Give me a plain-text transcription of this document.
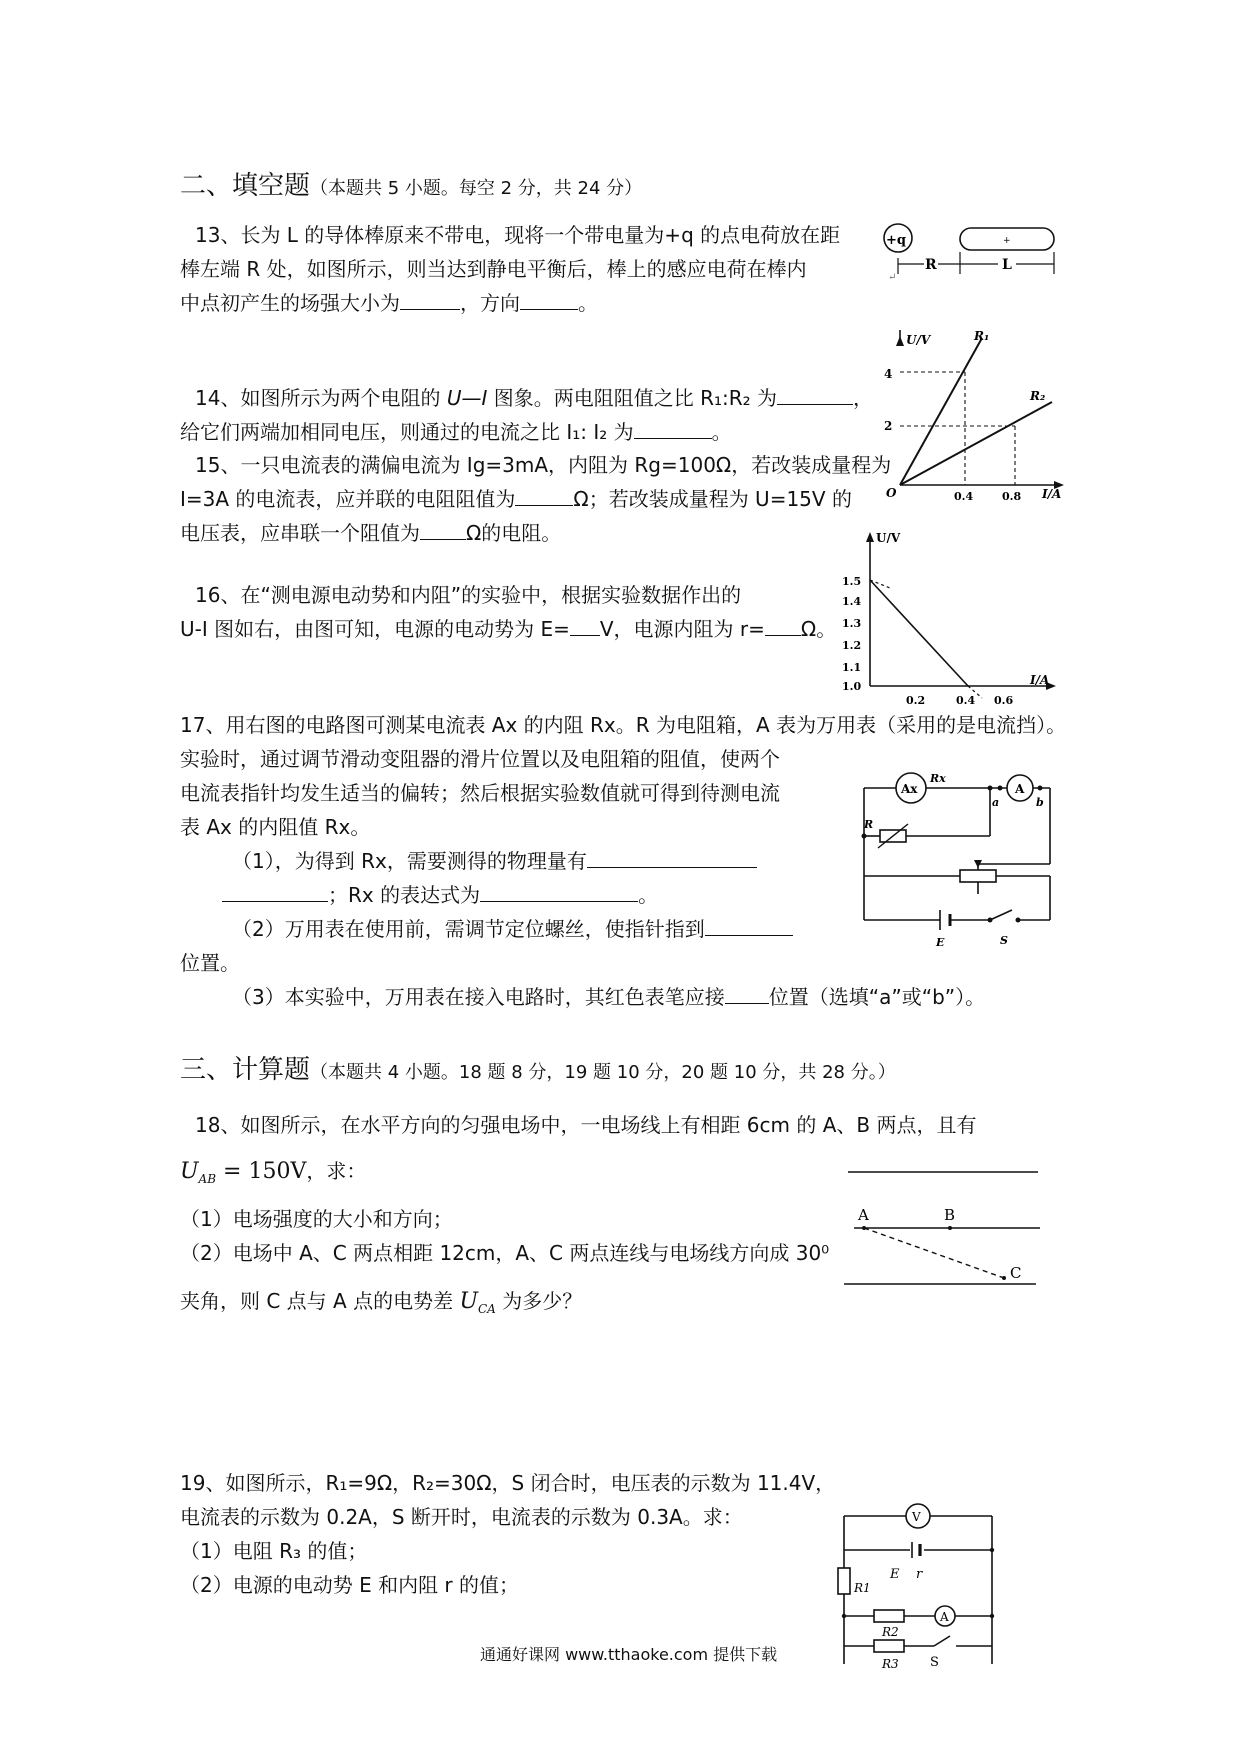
二、填空题（本题共 5 小题。每空 2 分，共 24 分）
13、长为 L 的导体棒原来不带电，现将一个带电量为+q 的点电荷放在距
棒左端 R 处，如图所示，则当达到静电平衡后，棒上的感应电荷在棒内
中点初产生的场强大小为	，方向	。
+q	+
R	L
↵
U/V
I/A
O
4
2
0.4	0.8
R₁
R₂
14、如图所示为两个电阻的 U—I 图象。两电阻阻值之比 R₁:R₂ 为	，
给它们两端加相同电压，则通过的电流之比 I₁: I₂ 为	。
15、一只电流表的满偏电流为 Ig=3mA，内阻为 Rg=100Ω，若改装成量程为
I=3A 的电流表，应并联的电阻阻值为	Ω；若改装成量程为 U=15V 的
电压表，应串联一个阻值为 Ω的电阻。	U/V
I/A
1.5
1.4
1.3
1.2
1.1
1.0
0.2	0.4 0.6
16、在“测电源电动势和内阻”的实验中，根据实验数据作出的
U-I 图如右，由图可知，电源的电动势为 E= V，电源内阻为 r= Ω。
17、用右图的电路图可测某电流表 Ax 的内阻 Rx。R 为电阻箱，A 表为万用表（采用的是电流挡）。
实验时，通过调节滑动变阻器的滑片位置以及电阻箱的阻值，使两个
电流表指针均发生适当的偏转；然后根据实验数值就可得到待测电流
表 Ax 的内阻值 Rx。
（1），为得到 Rx，需要测得的物理量有
；Rx 的表达式为	。
（2）万用表在使用前，需调节定位螺丝，使指针指到
位置。
（3）本实验中，万用表在接入电路时，其红色表笔应接 位置（选填“a”或“b”）。
Ax
Rx
A
a	b
R
E	S
三、计算题（本题共 4 小题。18 题 8 分，19 题 10 分，20 题 10 分，共 28 分。）
18、如图所示，在水平方向的匀强电场中，一电场线上有相距 6cm 的 A、B 两点，且有
$U_{AB} = 150V$，求：
（1）电场强度的大小和方向；
（2）电场中 A、C 两点相距 12cm，A、C 两点连线与电场线方向成 30⁰
夹角，则 C 点与 A 点的电势差 $U_{CA}$ 为多少？
A	B
C
19、如图所示，R₁=9Ω，R₂=30Ω，S 闭合时，电压表的示数为 11.4V，
电流表的示数为 0.2A，S 断开时，电流表的示数为 0.3A。求：
（1）电阻 R₃ 的值；
（2）电源的电动势 E 和内阻 r 的值；
V
E r
R1
R2
A
R3 S
通通好课网 www.tthaoke.com 提供下载
